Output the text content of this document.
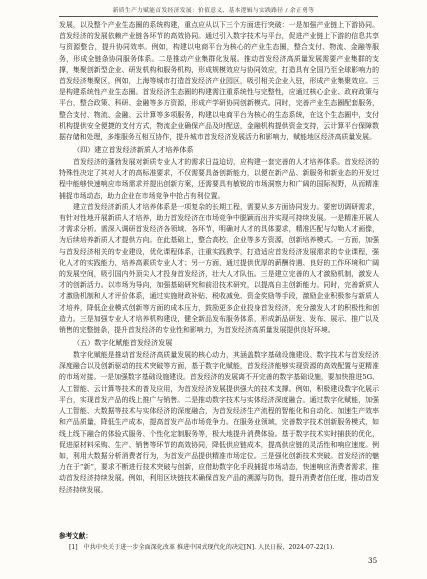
新质生产力赋能首发经济发展：价值意义、基本逻辑与实践路径 / 余正勇等

发展，以及整个产业生态圈的系统构建，重点应从以下三个方面进行突破：一是加强产业链上下游协同。首发经济的发展依赖产业链各环节的高效协同。通过引入数字技术与平台，促进产业链上下游的信息共享与资源整合，提升协同效率。例如，构建以电商平台为核心的产业生态圈，整合支付、物流、金融等服务，形成全链条协同服务体系。二是推动产业集群化发展。推动首发经济高质量发展需要产业集群的支撑，集聚创新型企业、研发机构和服务机构，形成规模效应与协同效应，打造具有全国乃至全球影响力的首发经济集聚区，例如，上海等城市打造首发经济产业园区，吸引相关企业入驻，形成产业集聚效应。三是构建系统性产业生态圈。首发经济生态圈的构建需注重系统性与完整性，应通过核心企业、政府政策与平台，整合政策、科研、金融等多方资源，形成产学研协同创新模式。同时，完善产业生态圈配套服务，整合支付、物流、金融、云计算等多项服务，构建以电商平台为核心的生态系统，在这个生态圈中，支付机构提供安全便捷的支付方式，物流企业确保产品及时配送，金融机构提供资金支持，云计算平台保障数据存储和处理，多维服务互相互协作，提升城市首发经济发展活力和影响力，赋能地区经济高质量发展。

（四）建立首发经济新质人才培养体系

首发经济的蓬勃发展对新质专业人才的需求日益迫切，应构建一套完善的人才培养体系。首发经济的特殊性决定了其对人才的高标准要求，不仅需要具备创新能力，以便在新产品、新服务和新业态的开发过程中能够快速响应市场需求并提出创新方案，还需要具有敏锐的市场洞察力和广阔的国际视野，从而精准捕捉市场动态，助力企业在市场竞争中抢占有利位置。

建立首发经济新质人才培养体系是一项复杂的长期工程，需要从多方面协同发力。要密切调研需求，有针对性地开展新质人才培养，助力首发经济在市场竞争中脱颖而出并实现可持续发展。一是精准开展人才需求分析。需深入调研首发经济各领域、各环节，明确对人才的具体要求，精准匹配与勾勒人才画像，为后续培养新质人才提供方向。在此基础上，整合高校、企业等多方资源，创新培养模式。一方面，加强与首发经济相关的专业建设，优化课程体系，注重实践教学，打造适应首发经济发展需求的专业课程，强化人才的实践能力，培养高素质专业人才；另一方面，通过提供优厚的薪酬待遇、良好的工作环境和广阔的发展空间，吸引国内外顶尖人才投身首发经济，壮大人才队伍。三是建立完善的人才激励机制，激发人才的创新活力。以市场为导向，加强基础研究和前沿技术研究，以提高自主创新能力。同时，完善新质人才激励机制和人才评价体系，通过实施财政补贴、税收减免、资金奖励等手段，激励企业积极参与新质人才培养，降低企业模式创新等方面的成本压力，鼓励更多企业投身首发经济，充分激发人才的积极性和创造力。三是加强专业人才培养机构建设，健全新品发布服务体系，形成新品研发、发布、展示、推广以及销售的完整链条，提升首发经济的专业性和影响力，为首发经济高质量发展提供良好环境。

（五）数字化赋能首发经济发展

数字化赋能是推动首发经济高质量发展的核心动力，其涵盖数字基础设施建设、数字技术与首发经济深度融合以及创新驱动的技术突破等方面，基于数字化赋能，首发经济能够实现资源的高效配置与更精准的市场对接。一是加强数字基础设施建设。首发经济的发展离不开完善的数字基础设施，要加快推进5G、人工智能、云计算等技术的普及应用，为首发经济发展提供强大的技术支撑。例如，积极建设数字化展示平台，实现首发产品的线上推广与销售。二是推动数字技术与实体经济深度融合。通过数字化赋能，加强人工智能、大数据等技术与实体经济的深度融合，为首发经济生产流程的智能化和自动化、加速生产效率和产品质量，降低生产成本，提高首发产品市场竞争力。在服务业领域，完善数字技术创新服务模式，如线上线下融合的体验式服务、个性化定制服务等，极大地提升消费体验。基于数字技术实时捕获的优化，促进原材料采购、生产、销售等环节的高效协同，降低供应链成本，提高供应链的灵活性和响应速度。例如，利用大数据分析消费者行为，为首发产品提供精准市场定位。三是强化创新技术突破。首发经济的魅力在于“新”，要求不断进行技术突破与创新，应借助数字化手段捕捉市场动态，快速响应消费者需求，推动首发经济持续发展。例如，利用区块链技术确保首发产品的溯源与防伪，提升消费者信任度，推动首发经济持续发展。

参考文献：
[1] 中共中央关于进一步全面深化改革 推进中国式现代化的决定[N]. 人民日报，2024-07-22(1).
35
